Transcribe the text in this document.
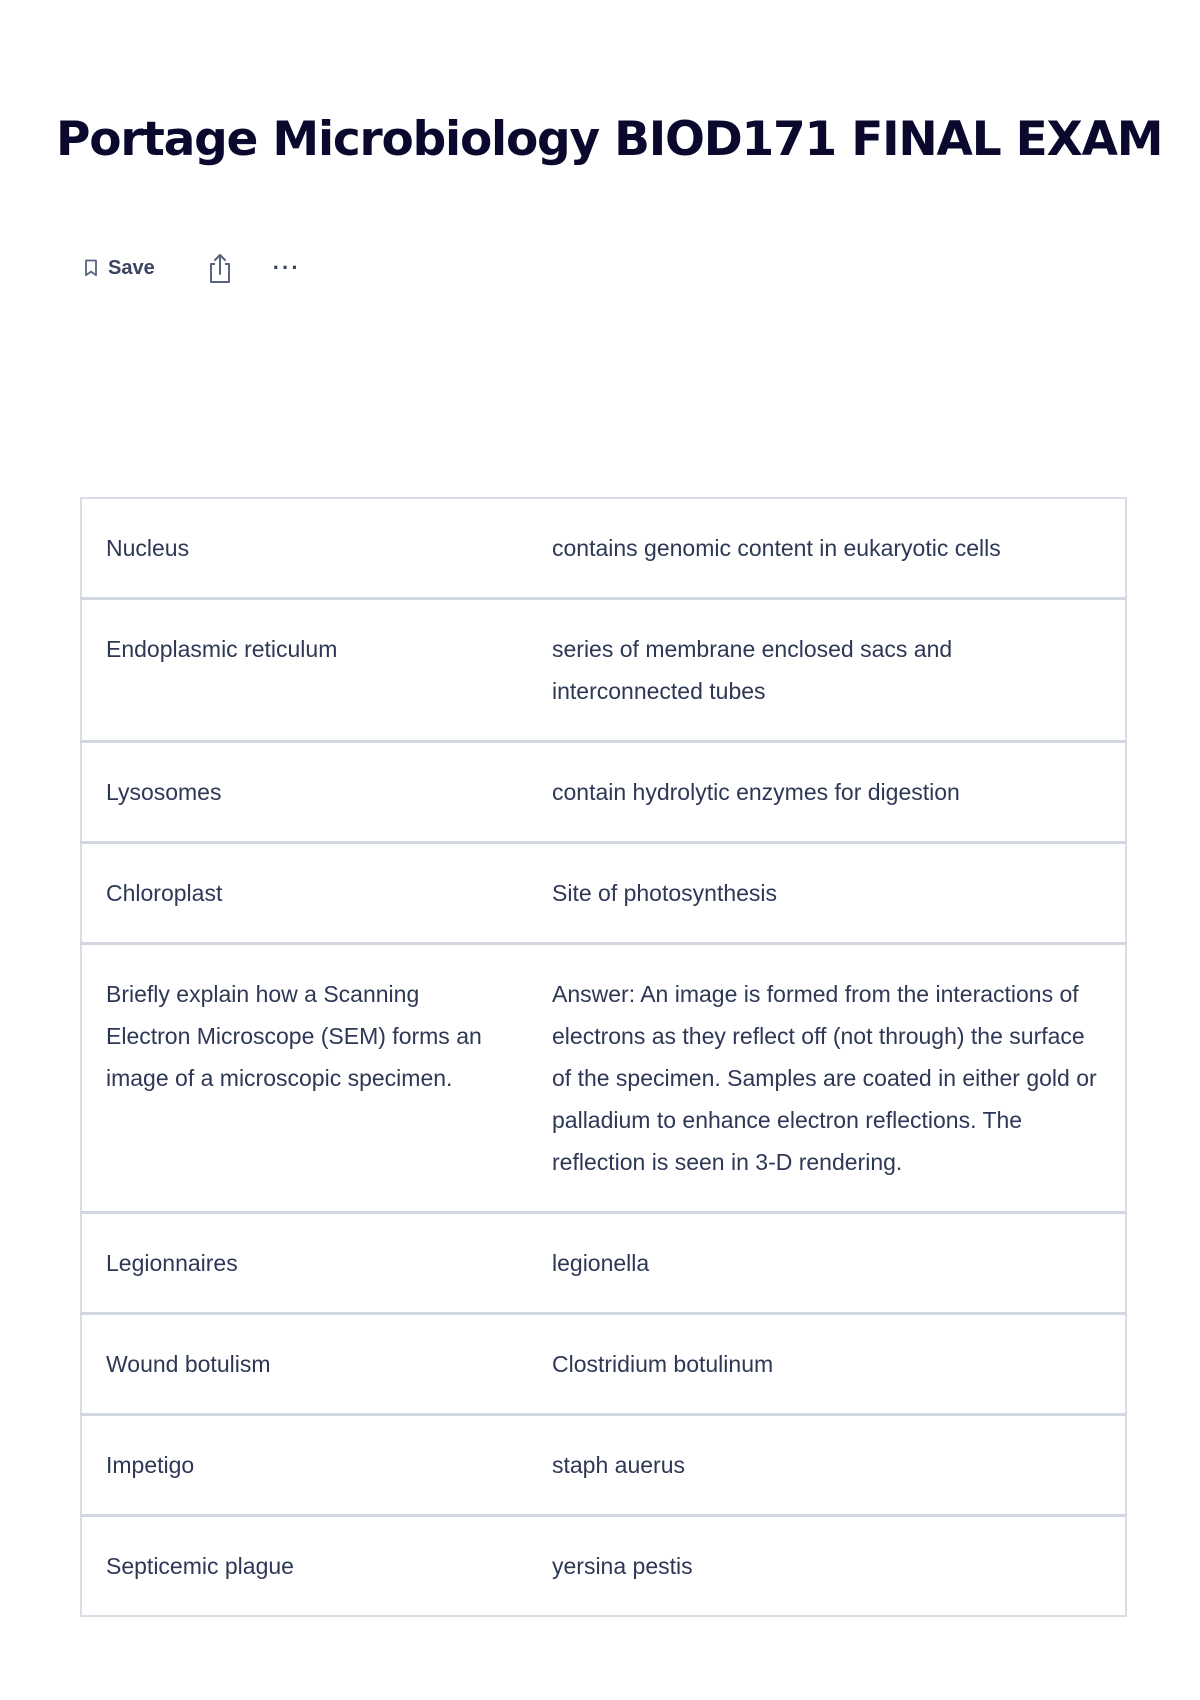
Portage Microbiology BIOD171 FINAL EXAM
Save	···
Nucleus	contains genomic content in eukaryotic cells
Endoplasmic reticulum	series of membrane enclosed sacs and interconnected tubes
Lysosomes	contain hydrolytic enzymes for digestion
Chloroplast	Site of photosynthesis
Briefly explain how a Scanning Electron Microscope (SEM) forms an image of a microscopic specimen.	Answer: An image is formed from the interactions of electrons as they reflect off (not through) the surface of the specimen. Samples are coated in either gold or palladium to enhance electron reflections. The reflection is seen in 3-D rendering.
Legionnaires	legionella
Wound botulism	Clostridium botulinum
Impetigo	staph auerus
Septicemic plague	yersina pestis
